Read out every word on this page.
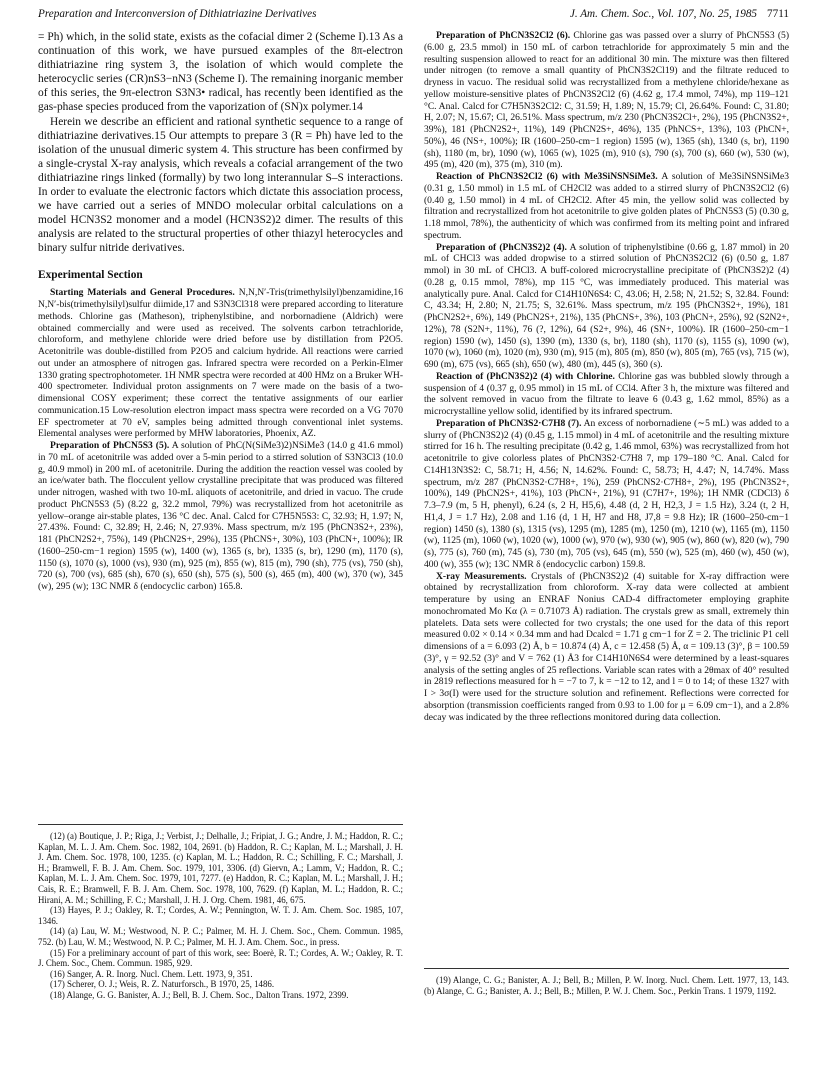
Preparation and Interconversion of Dithiatriazine Derivatives	J. Am. Chem. Soc., Vol. 107, No. 25, 1985 7711

= Ph) which, in the solid state, exists as the cofacial dimer 2 (Scheme I).13 As a continuation of this work, we have pursued examples of the 8π-electron dithiatriazine ring system 3, the isolation of which would complete the heterocyclic series (CR)nS3−nN3 (Scheme I). The remaining inorganic member of this series, the 9π-electron S3N3• radical, has recently been identified as the gas-phase species produced from the vaporization of (SN)x polymer.14

Herein we describe an efficient and rational synthetic sequence to a range of dithiatriazine derivatives.15 Our attempts to prepare 3 (R = Ph) have led to the isolation of the unusual dimeric system 4. This structure has been confirmed by a single-crystal X-ray analysis, which reveals a cofacial arrangement of the two dithiatriazine rings linked (formally) by two long interannular S–S interactions. In order to evaluate the electronic factors which dictate this association process, we have carried out a series of MNDO molecular orbital calculations on a model HCN3S2 monomer and a model (HCN3S2)2 dimer. The results of this analysis are related to the structural properties of other thiazyl heterocycles and binary sulfur nitride derivatives.

Experimental Section

Starting Materials and General Procedures. N,N,N′-Tris(trimethylsilyl)benzamidine,16 N,N′-bis(trimethylsilyl)sulfur diimide,17 and S3N3Cl318 were prepared according to literature methods. Chlorine gas (Matheson), triphenylstibine, and norbornadiene (Aldrich) were obtained commercially and were used as received. The solvents carbon tetrachloride, chloroform, and methylene chloride were dried before use by distillation from P2O5. Acetonitrile was double-distilled from P2O5 and calcium hydride. All reactions were carried out under an atmosphere of nitrogen gas. Infrared spectra were recorded on a Perkin-Elmer 1330 grating spectrophotometer. 1H NMR spectra were recorded at 400 HMz on a Bruker WH-400 spectrometer. Individual proton assignments on 7 were made on the basis of a two-dimensional COSY experiment; these correct the tentative assignments of our earlier communication.15 Low-resolution electron impact mass spectra were recorded on a VG 7070 EF spectrometer at 70 eV, samples being admitted through conventional inlet systems. Elemental analyses were performed by MHW laboratories, Phoenix, AZ.

Preparation of PhCN5S3 (5). A solution of PhC(N(SiMe3)2)NSiMe3 (14.0 g 41.6 mmol) in 70 mL of acetonitrile was added over a 5-min period to a stirred solution of S3N3Cl3 (10.0 g, 40.9 mmol) in 200 mL of acetonitrile. During the addition the reaction vessel was cooled by an ice/water bath. The flocculent yellow crystalline precipitate that was produced was filtered under nitrogen, washed with two 10-mL aliquots of acetonitrile, and dried in vacuo. The crude product PhCN5S3 (5) (8.22 g, 32.2 mmol, 79%) was recrystallized from hot acetonitrile as yellow–orange air-stable plates, 136 °C dec. Anal. Calcd for C7H5N5S3: C, 32.93; H, 1.97; N, 27.43%. Found: C, 32.89; H, 2.46; N, 27.93%. Mass spectrum, m/z 195 (PhCN3S2+, 23%), 181 (PhCN2S2+, 75%), 149 (PhCN2S+, 29%), 135 (PhCNS+, 30%), 103 (PhCN+, 100%); IR (1600–250-cm−1 region) 1595 (w), 1400 (w), 1365 (s, br), 1335 (s, br), 1290 (m), 1170 (s), 1150 (s), 1070 (s), 1000 (vs), 930 (m), 925 (m), 855 (w), 815 (m), 790 (sh), 775 (vs), 750 (sh), 720 (s), 700 (vs), 685 (sh), 670 (s), 650 (sh), 575 (s), 500 (s), 465 (m), 400 (w), 370 (w), 345 (w), 295 (w); 13C NMR δ (endocyclic carbon) 165.8.

Preparation of PhCN3S2Cl2 (6). Chlorine gas was passed over a slurry of PhCN5S3 (5) (6.00 g, 23.5 mmol) in 150 mL of carbon tetrachloride for approximately 5 min and the resulting suspension allowed to react for an additional 30 min. The mixture was then filtered under nitrogen (to remove a small quantity of PhCN3S2Cl19) and the filtrate reduced to dryness in vacuo. The residual solid was recrystallized from a methylene chloride/hexane as yellow moisture-sensitive plates of PhCN3S2Cl2 (6) (4.62 g, 17.4 mmol, 74%), mp 119–121 °C. Anal. Calcd for C7H5N3S2Cl2: C, 31.59; H, 1.89; N, 15.79; Cl, 26.64%. Found: C, 31.80; H, 2.07; N, 15.67; Cl, 26.51%. Mass spectrum, m/z 230 (PhCN3S2Cl+, 2%), 195 (PhCN3S2+, 39%), 181 (PhCN2S2+, 11%), 149 (PhCN2S+, 46%), 135 (PhNCS+, 13%), 103 (PhCN+, 50%), 46 (NS+, 100%); IR (1600–250-cm−1 region) 1595 (w), 1365 (sh), 1340 (s, br), 1190 (sh), 1180 (m, br), 1090 (w), 1065 (w), 1025 (m), 910 (s), 790 (s), 700 (s), 660 (w), 530 (w), 495 (m), 420 (m), 375 (m), 310 (m).

Reaction of PhCN3S2Cl2 (6) with Me3SiNSNSiMe3. A solution of Me3SiNSNSiMe3 (0.31 g, 1.50 mmol) in 1.5 mL of CH2Cl2 was added to a stirred slurry of PhCN3S2Cl2 (6) (0.40 g, 1.50 mmol) in 4 mL of CH2Cl2. After 45 min, the yellow solid was collected by filtration and recrystallized from hot acetonitrile to give golden plates of PhCN5S3 (5) (0.30 g, 1.18 mmol, 78%), the authenticity of which was confirmed from its melting point and infrared spectrum.

Preparation of (PhCN3S2)2 (4). A solution of triphenylstibine (0.66 g, 1.87 mmol) in 20 mL of CHCl3 was added dropwise to a stirred solution of PhCN3S2Cl2 (6) (0.50 g, 1.87 mmol) in 30 mL of CHCl3. A buff-colored microcrystalline precipitate of (PhCN3S2)2 (4) (0.28 g, 0.15 mmol, 78%), mp 115 °C, was immediately produced. This material was analytically pure. Anal. Calcd for C14H10N6S4: C, 43.06; H, 2.58; N, 21.52; S, 32.84. Found: C, 43.34; H, 2.80; N, 21.75; S, 32.61%. Mass spectrum, m/z 195 (PhCN3S2+, 19%), 181 (PhCN2S2+, 6%), 149 (PhCN2S+, 21%), 135 (PhCNS+, 3%), 103 (PhCN+, 25%), 92 (S2N2+, 12%), 78 (S2N+, 11%), 76 (?, 12%), 64 (S2+, 9%), 46 (SN+, 100%). IR (1600–250-cm−1 region) 1590 (w), 1450 (s), 1390 (m), 1330 (s, br), 1180 (sh), 1170 (s), 1155 (s), 1090 (w), 1070 (w), 1060 (m), 1020 (m), 930 (m), 915 (m), 805 (m), 850 (w), 805 (m), 765 (vs), 715 (w), 690 (m), 675 (vs), 665 (sh), 650 (w), 480 (m), 445 (s), 360 (s).

Reaction of (PhCN3S2)2 (4) with Chlorine. Chlorine gas was bubbled slowly through a suspension of 4 (0.37 g, 0.95 mmol) in 15 mL of CCl4. After 3 h, the mixture was filtered and the solvent removed in vacuo from the filtrate to leave 6 (0.43 g, 1.62 mmol, 85%) as a microcrystalline yellow solid, identified by its infrared spectrum.

Preparation of PhCN3S2·C7H8 (7). An excess of norbornadiene (∼5 mL) was added to a slurry of (PhCN3S2)2 (4) (0.45 g, 1.15 mmol) in 4 mL of acetonitrile and the resulting mixture stirred for 16 h. The resulting precipitate (0.42 g, 1.46 mmol, 63%) was recrystallized from hot acetonitrile to give colorless plates of PhCN3S2·C7H8 7, mp 179–180 °C. Anal. Calcd for C14H13N3S2: C, 58.71; H, 4.56; N, 14.62%. Found: C, 58.73; H, 4.47; N, 14.74%. Mass spectrum, m/z 287 (PhCN3S2·C7H8+, 1%), 259 (PhCNS2·C7H8+, 2%), 195 (PhCN3S2+, 100%), 149 (PhCN2S+, 41%), 103 (PhCN+, 21%), 91 (C7H7+, 19%); 1H NMR (CDCl3) δ 7.3–7.9 (m, 5 H, phenyl), 6.24 (s, 2 H, H5,6), 4.48 (d, 2 H, H2,3, J = 1.5 Hz), 3.24 (t, 2 H, H1,4, J = 1.7 Hz), 2.08 and 1.16 (d, 1 H, H7 and H8, J7,8 = 9.8 Hz); IR (1600–250-cm−1 region) 1450 (s), 1380 (s), 1315 (vs), 1295 (m), 1285 (m), 1250 (m), 1210 (w), 1165 (m), 1150 (w), 1125 (m), 1060 (w), 1020 (w), 1000 (w), 970 (w), 930 (w), 905 (w), 860 (w), 820 (w), 790 (s), 775 (s), 760 (m), 745 (s), 730 (m), 705 (vs), 645 (m), 550 (w), 525 (m), 460 (w), 450 (w), 400 (w), 355 (w); 13C NMR δ (endocyclic carbon) 159.8.

X-ray Measurements. Crystals of (PhCN3S2)2 (4) suitable for X-ray diffraction were obtained by recrystallization from chloroform. X-ray data were collected at ambient temperature by using an ENRAF Nonius CAD-4 diffractometer employing graphite monochromated Mo Kα (λ = 0.71073 Å) radiation. The crystals grew as small, extremely thin platelets. Data sets were collected for two crystals; the one used for the data of this report measured 0.02 × 0.14 × 0.34 mm and had Dcalcd = 1.71 g cm−1 for Z = 2. The triclinic P1 cell dimensions of a = 6.093 (2) Å, b = 10.874 (4) Å, c = 12.458 (5) Å, α = 109.13 (3)°, β = 100.59 (3)°, γ = 92.52 (3)° and V = 762 (1) Å3 for C14H10N6S4 were determined by a least-squares analysis of the setting angles of 25 reflections. Variable scan rates with a 2θmax of 40° resulted in 2819 reflections measured for h = −7 to 7, k = −12 to 12, and l = 0 to 14; of these 1327 with I > 3σ(I) were used for the structure solution and refinement. Reflections were corrected for absorption (transmission coefficients ranged from 0.93 to 1.00 for μ = 6.09 cm−1), and a 2.8% decay was indicated by the three reflections monitored during data collection.

(12) (a) Boutique, J. P.; Riga, J.; Verbist, J.; Delhalle, J.; Fripiat, J. G.; Andre, J. M.; Haddon, R. C.; Kaplan, M. L. J. Am. Chem. Soc. 1982, 104, 2691. (b) Haddon, R. C.; Kaplan, M. L.; Marshall, J. H. J. Am. Chem. Soc. 1978, 100, 1235. (c) Kaplan, M. L.; Haddon, R. C.; Schilling, F. C.; Marshall, J. H.; Bramwell, F. B. J. Am. Chem. Soc. 1979, 101, 3306. (d) Giervn, A.; Lamm, V.; Haddon, R. C.; Kaplan, M. L. J. Am. Chem. Soc. 1979, 101, 7277. (e) Haddon, R. C.; Kaplan, M. L.; Marshall, J. H.; Cais, R. E.; Bramwell, F. B. J. Am. Chem. Soc. 1978, 100, 7629. (f) Kaplan, M. L.; Haddon, R. C.; Hirani, A. M.; Schilling, F. C.; Marshall, J. H. J. Org. Chem. 1981, 46, 675.
(13) Hayes, P. J.; Oakley, R. T.; Cordes, A. W.; Pennington, W. T. J. Am. Chem. Soc. 1985, 107, 1346.
(14) (a) Lau, W. M.; Westwood, N. P. C.; Palmer, M. H. J. Chem. Soc., Chem. Commun. 1985, 752. (b) Lau, W. M.; Westwood, N. P. C.; Palmer, M. H. J. Am. Chem. Soc., in press.
(15) For a preliminary account of part of this work, see: Boerè, R. T.; Cordes, A. W.; Oakley, R. T. J. Chem. Soc., Chem. Commun. 1985, 929.
(16) Sanger, A. R. Inorg. Nucl. Chem. Lett. 1973, 9, 351.
(17) Scherer, O. J.; Weis, R. Z. Naturforsch., B 1970, 25, 1486.
(18) Alange, G. G. Banister, A. J.; Bell, B. J. Chem. Soc., Dalton Trans. 1972, 2399.
(19) Alange, C. G.; Banister, A. J.; Bell, B.; Millen, P. W. Inorg. Nucl. Chem. Lett. 1977, 13, 143. (b) Alange, C. G.; Banister, A. J.; Bell, B.; Millen, P. W. J. Chem. Soc., Perkin Trans. 1 1979, 1192.
